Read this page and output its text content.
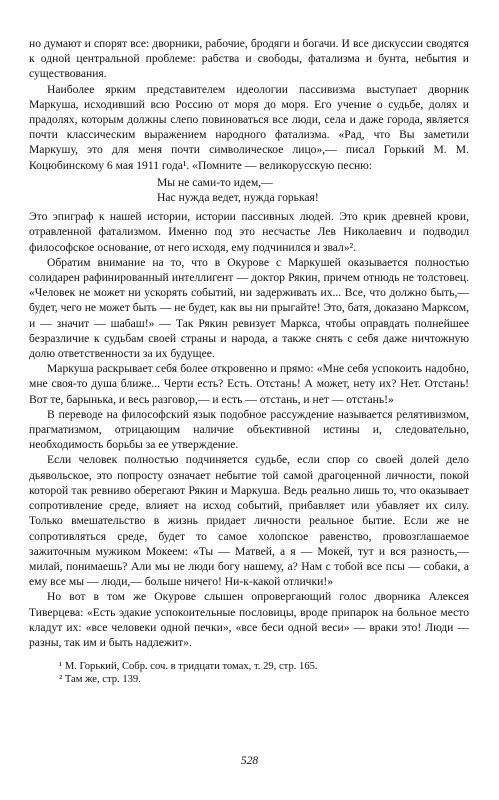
но думают и спорят все: дворники, рабочие, бродяги и богачи. И все дискуссии сводятся к одной центральной проблеме: рабства и свободы, фатализма и бунта, небытия и существования.

Наиболее ярким представителем идеологии пассивизма выступает дворник Маркуша, исходивший всю Россию от моря до моря. Его учение о судьбе, долях и прадолях, которым должны слепо повиноваться все люди, села и даже города, является почти классическим выражением народного фатализма. «Рад, что Вы заметили Маркушу, это для меня почти символическое лицо»,— писал Горький М. М. Коцюбинскому 6 мая 1911 года¹. «Помните — великорусскую песню:

Мы не сами-то идем,—
Нас нужда ведет, нужда горькая!

Это эпиграф к нашей истории, истории пассивных людей. Это крик древней крови, отравленной фатализмом. Именно под это несчастье Лев Николаевич и подводил философское основание, от него исходя, ему подчинился и звал»².

Обратим внимание на то, что в Окурове с Маркушей оказывается полностью солидарен рафинированный интеллигент — доктор Рякин, причем отнюдь не толстовец. «Человек не может ни ускорять событий, ни задерживать их... Все, что должно быть,— будет, чего не может быть — не будет, как вы ни прыгайте! Это, батя, доказано Марксом, и — значит — шабаш!» — Так Рякин ревизует Маркса, чтобы оправдать полнейшее безразличие к судьбам своей страны и народа, а также снять с себя даже ничтожную долю ответственности за их будущее.

Маркуша раскрывает себя более откровенно и прямо: «Мне себя успокоить надобно, мне своя-то душа ближе... Черти есть? Есть. Отстань! А может, нету их? Нет. Отстань! Вот те, барынька, и весь разговор,— и есть — отстань, и нет — отстань!»

В переводе на философский язык подобное рассуждение называется релятивизмом, прагматизмом, отрицающим наличие объективной истины и, следовательно, необходимость борьбы за ее утверждение.

Если человек полностью подчиняется судьбе, если спор со своей долей дело дьявольское, это попросту означает небытие той самой драгоценной личности, покой которой так ревниво оберегают Рякин и Маркуша. Ведь реально лишь то, что оказывает сопротивление среде, влияет на исход событий, прибавляет или убавляет их силу. Только вмешательство в жизнь придает личности реальное бытие. Если же не сопротивляться среде, будет то самое холопское равенство, провозглашаемое зажиточным мужиком Мокеем: «Ты — Матвей, а я — Мокей, тут и вся разность,— милай, понимаешь? Али мы не люди богу нашему, а? Нам с тобой все псы — собаки, а ему все мы — люди,— больше ничего! Ни-к-какой отлички!»

Но вот в том же Окурове слышен опровергающий голос дворника Алексея Тиверцева: «Есть эдакие успокоительные пословицы, вроде припарок на больное место кладут их: «все человеки одной печки», «все беси одной веси» — враки это! Люди — разны, так им и быть надлежит».

¹ М. Горький, Собр. соч. в тридцати томах, т. 29, стр. 165.
² Там же, стр. 139.
528
